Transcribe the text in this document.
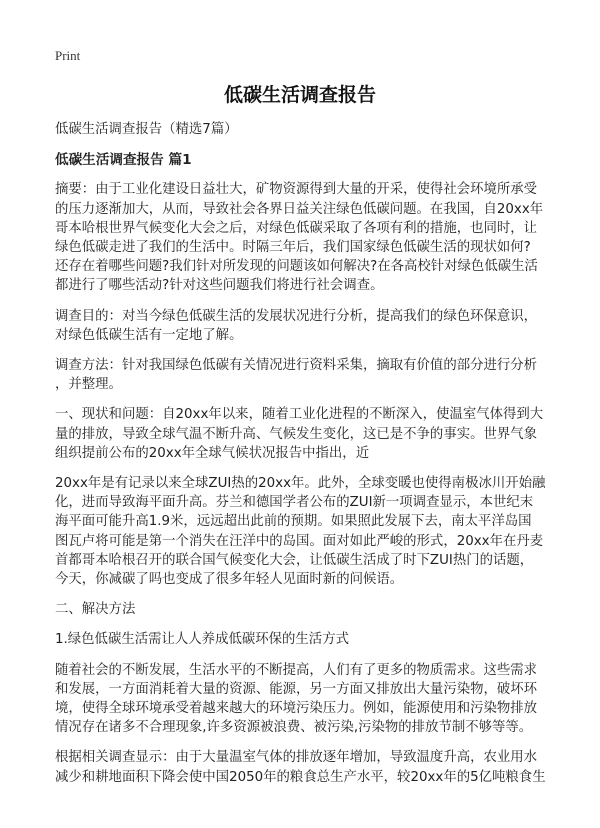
Print
低碳生活调查报告
低碳生活调查报告（精选7篇）
低碳生活调查报告 篇1
摘要：由于工业化建设日益壮大，矿物资源得到大量的开采，使得社会环境所承受
的压力逐渐加大，从而，导致社会各界日益关注绿色低碳问题。在我国，自20xx年
哥本哈根世界气候变化大会之后，对绿色低碳采取了各项有利的措施，也同时，让
绿色低碳走进了我们的生活中。时隔三年后，我们国家绿色低碳生活的现状如何?
还存在着哪些问题?我们针对所发现的问题该如何解决?在各高校针对绿色低碳生活
都进行了哪些活动?针对这些问题我们将进行社会调查。
调查目的：对当今绿色低碳生活的发展状况进行分析，提高我们的绿色环保意识，
对绿色低碳生活有一定地了解。
调查方法：针对我国绿色低碳有关情况进行资料采集，摘取有价值的部分进行分析
，并整理。
一、现状和问题：自20xx年以来，随着工业化进程的不断深入，使温室气体得到大
量的排放，导致全球气温不断升高、气候发生变化，这已是不争的事实。世界气象
组织提前公布的20xx年全球气候状况报告中指出，近
20xx年是有记录以来全球ZUI热的20xx年。此外，全球变暖也使得南极冰川开始融
化，进而导致海平面升高。芬兰和德国学者公布的ZUI新一项调查显示，本世纪末
海平面可能升高1.9米，远远超出此前的预期。如果照此发展下去，南太平洋岛国
图瓦卢将可能是第一个消失在汪洋中的岛国。面对如此严峻的形式，20xx年在丹麦
首都哥本哈根召开的联合国气候变化大会，让低碳生活成了时下ZUI热门的话题，
今天，你减碳了吗也变成了很多年轻人见面时新的问候语。
二、解决方法
1.绿色低碳生活需让人人养成低碳环保的生活方式
随着社会的不断发展，生活水平的不断提高，人们有了更多的物质需求。这些需求
和发展，一方面消耗着大量的资源、能源，另一方面又排放出大量污染物，破坏环
境，使得全球环境承受着越来越大的环境污染压力。例如，能源使用和污染物排放
情况存在诸多不合理现象,许多资源被浪费、被污染,污染物的排放节制不够等等。
根据相关调查显示：由于大量温室气体的排放逐年增加，导致温度升高，农业用水
减少和耕地面积下降会使中国2050年的粮食总生产水平，较20xx年的5亿吨粮食生
